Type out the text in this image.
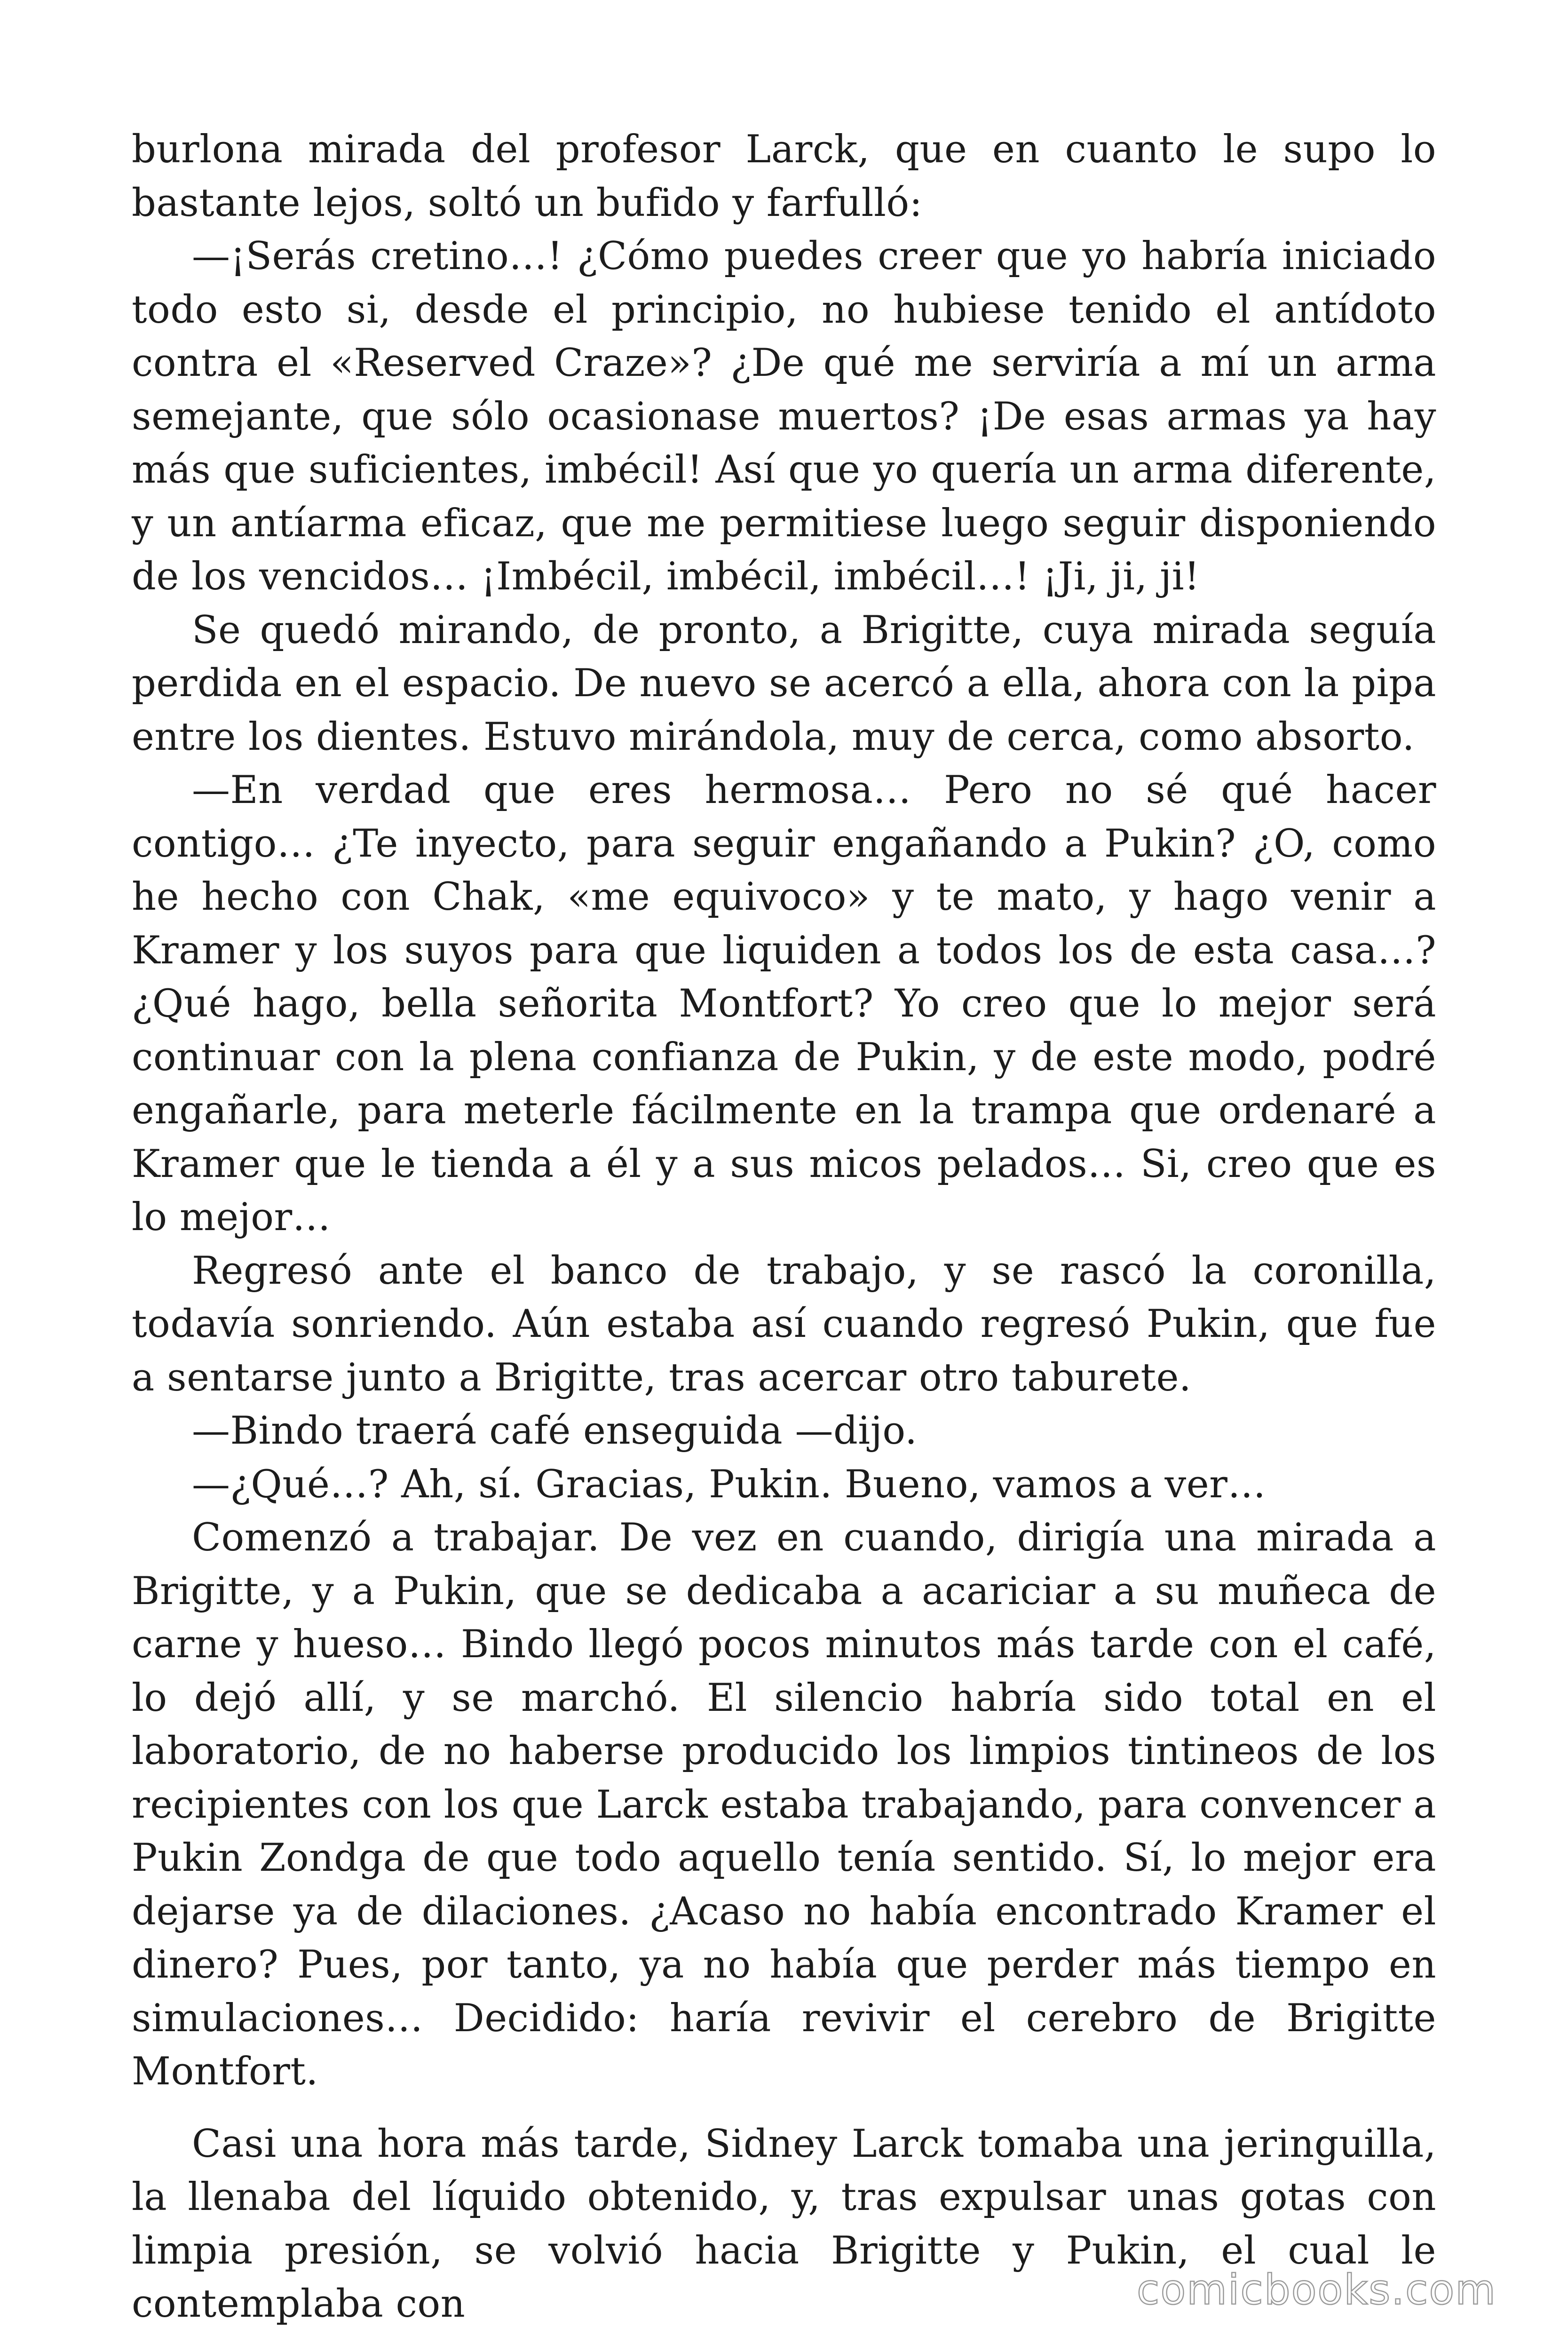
burlona mirada del profesor Larck, que en cuanto le supo lo bastante lejos, soltó un bufido y farfulló:

—¡Serás cretino…! ¿Cómo puedes creer que yo habría iniciado todo esto si, desde el principio, no hubiese tenido el antídoto contra el «Reserved Craze»? ¿De qué me serviría a mí un arma semejante, que sólo ocasionase muertos? ¡De esas armas ya hay más que suficientes, imbécil! Así que yo quería un arma diferente, y un antíarma eficaz, que me permitiese luego seguir disponiendo de los vencidos… ¡Imbécil, imbécil, imbécil…! ¡Ji, ji, ji!

Se quedó mirando, de pronto, a Brigitte, cuya mirada seguía perdida en el espacio. De nuevo se acercó a ella, ahora con la pipa entre los dientes. Estuvo mirándola, muy de cerca, como absorto.

—En verdad que eres hermosa… Pero no sé qué hacer contigo… ¿Te inyecto, para seguir engañando a Pukin? ¿O, como he hecho con Chak, «me equivoco» y te mato, y hago venir a Kramer y los suyos para que liquiden a todos los de esta casa…? ¿Qué hago, bella señorita Montfort? Yo creo que lo mejor será continuar con la plena confianza de Pukin, y de este modo, podré engañarle, para meterle fácilmente en la trampa que ordenaré a Kramer que le tienda a él y a sus micos pelados… Si, creo que es lo mejor…

Regresó ante el banco de trabajo, y se rascó la coronilla, todavía sonriendo. Aún estaba así cuando regresó Pukin, que fue a sentarse junto a Brigitte, tras acercar otro taburete.

—Bindo traerá café enseguida —dijo.

—¿Qué…? Ah, sí. Gracias, Pukin. Bueno, vamos a ver…

Comenzó a trabajar. De vez en cuando, dirigía una mirada a Brigitte, y a Pukin, que se dedicaba a acariciar a su muñeca de carne y hueso… Bindo llegó pocos minutos más tarde con el café, lo dejó allí, y se marchó. El silencio habría sido total en el laboratorio, de no haberse producido los limpios tintineos de los recipientes con los que Larck estaba trabajando, para convencer a Pukin Zondga de que todo aquello tenía sentido. Sí, lo mejor era dejarse ya de dilaciones. ¿Acaso no había encontrado Kramer el dinero? Pues, por tanto, ya no había que perder más tiempo en simulaciones… Decidido: haría revivir el cerebro de Brigitte Montfort.

Casi una hora más tarde, Sidney Larck tomaba una jeringuilla, la llenaba del líquido obtenido, y, tras expulsar unas gotas con limpia presión, se volvió hacia Brigitte y Pukin, el cual le contemplaba con	comicbooks.com
